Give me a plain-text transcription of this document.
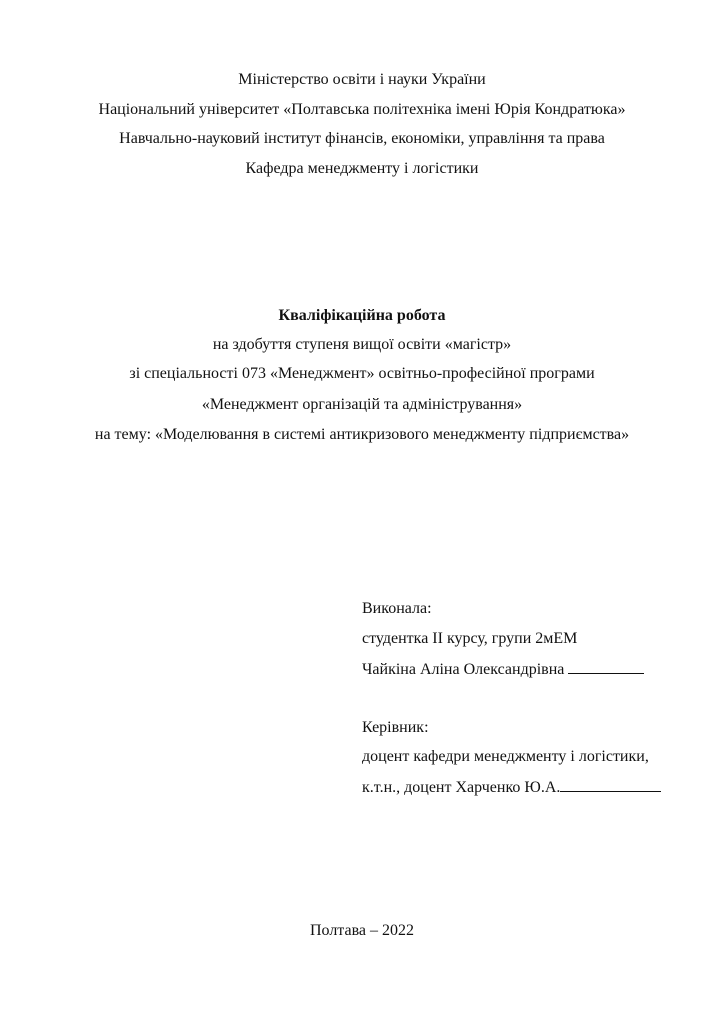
Міністерство освіти і науки України
Національний університет «Полтавська політехніка імені Юрія Кондратюка»
Навчально-науковий інститут фінансів, економіки, управління та права
Кафедра менеджменту і логістики
Кваліфікаційна робота
на здобуття ступеня вищої освіти «магістр»
зі спеціальності 073 «Менеджмент» освітньо-професійної програми
«Менеджмент організацій та адміністрування»
на тему: «Моделювання в системі антикризового менеджменту підприємства»
Виконала:
студентка ІІ курсу, групи 2мЕМ
Чайкіна Аліна Олександрівна
Керівник:
доцент кафедри менеджменту і логістики,
к.т.н., доцент Харченко Ю.А.
Полтава – 2022
